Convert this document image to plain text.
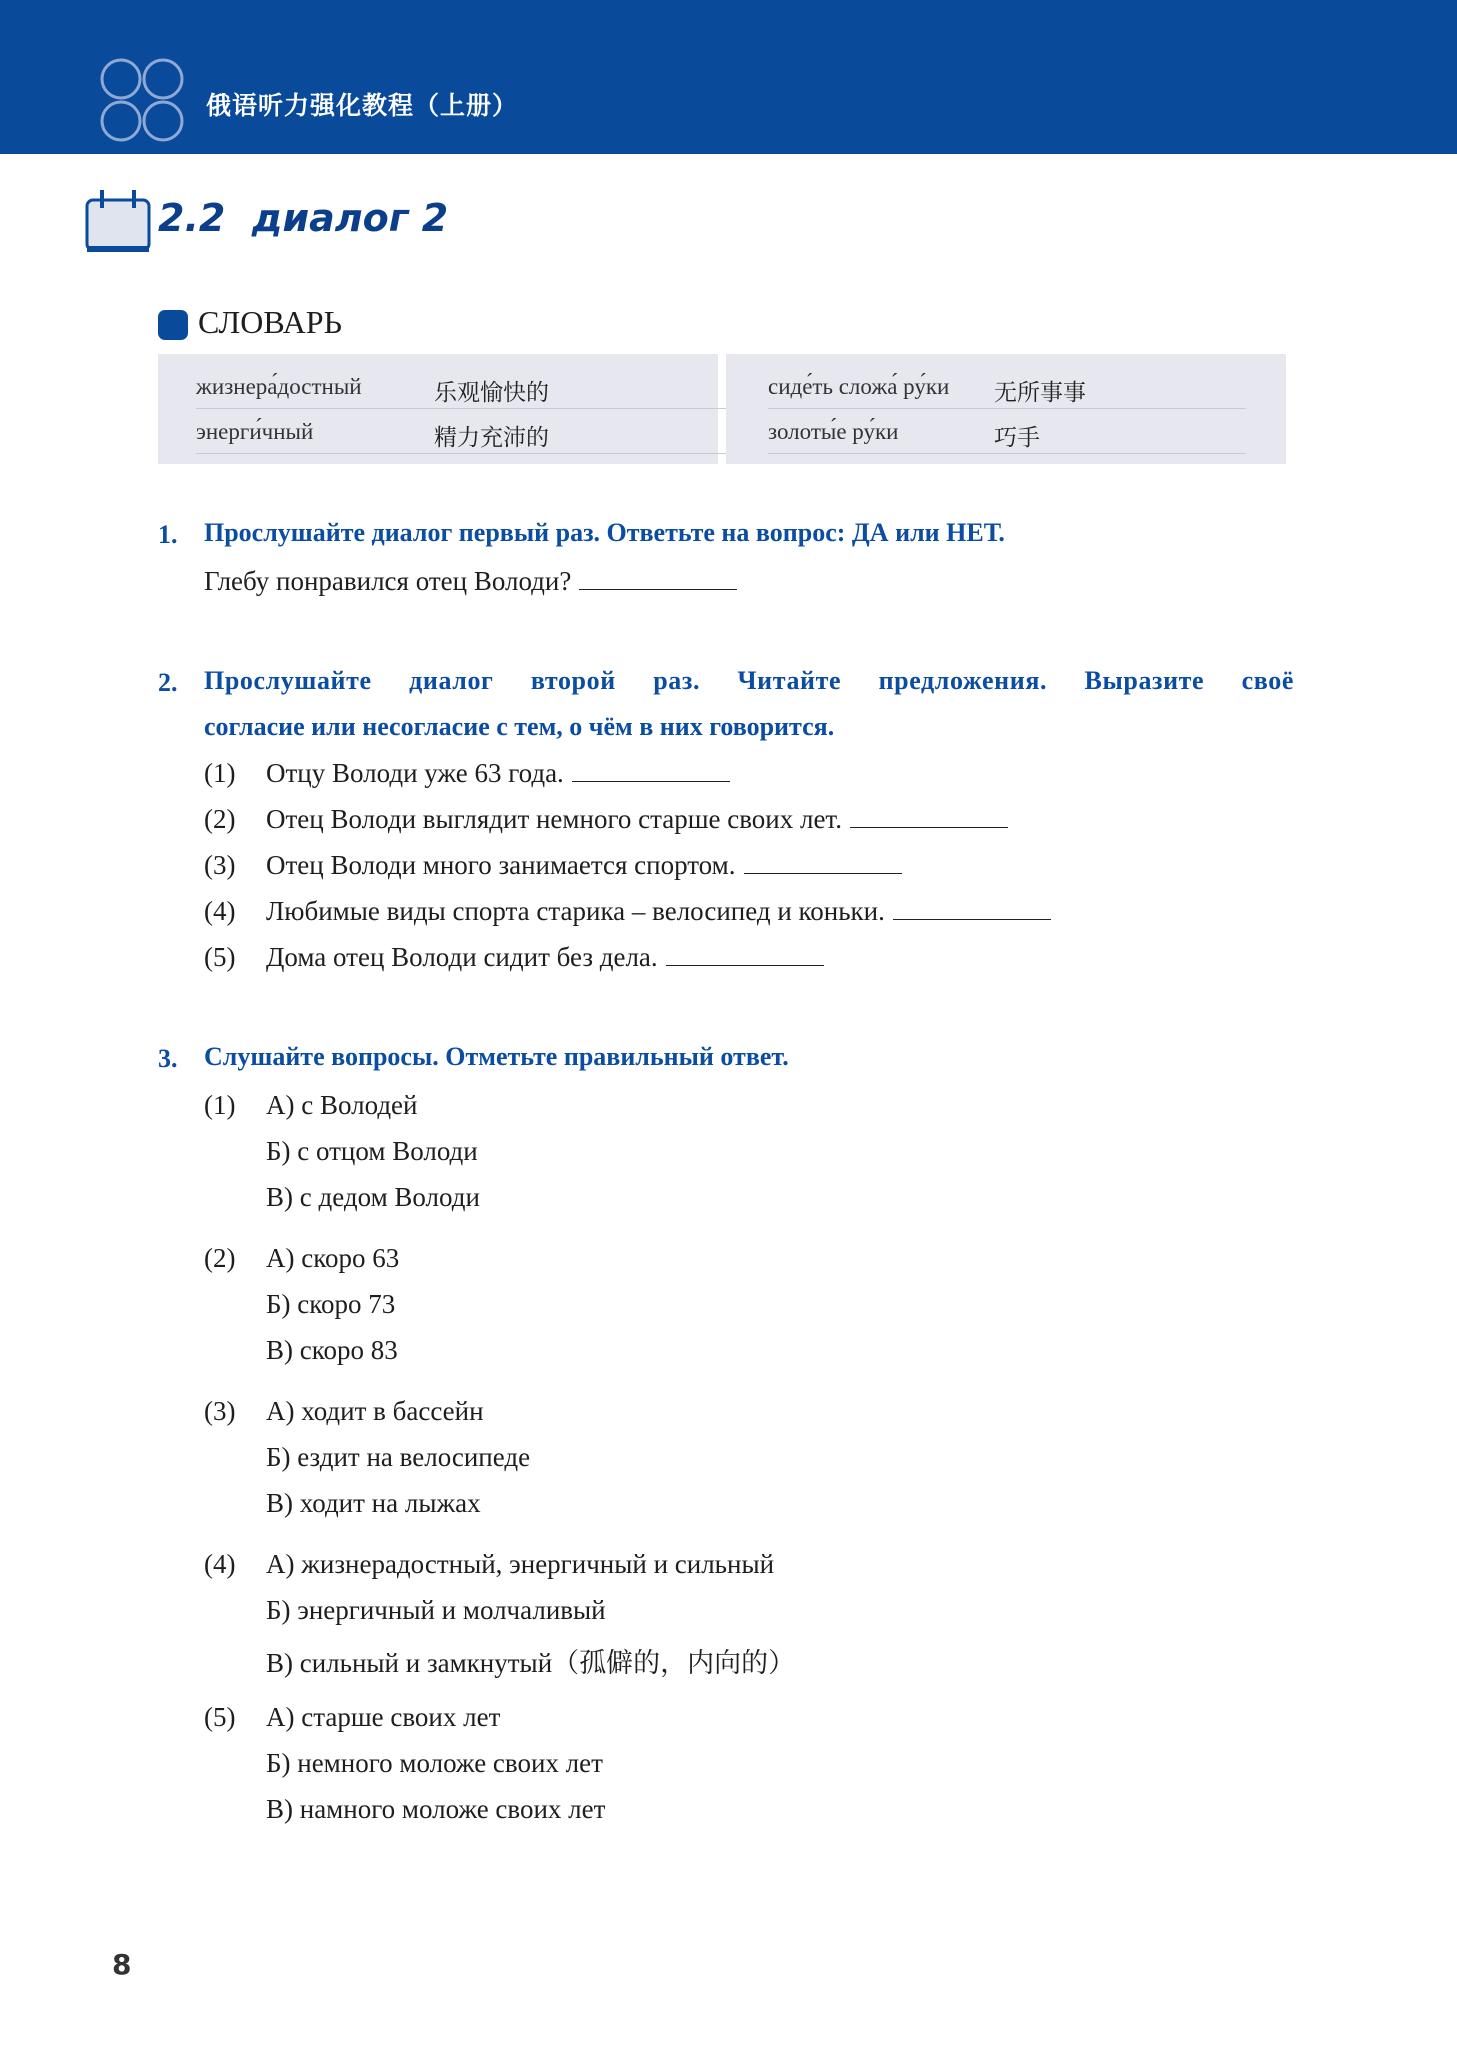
俄语听力强化教程（上册）
2.2 диалог 2
СЛОВАРЬ
жизнера́достный	乐观愉快的
энерги́чный	精力充沛的
сиде́ть сложа́ ру́ки 无所事事
золоты́е ру́ки	巧手
1. Прослушайте диалог первый раз. Ответьте на вопрос: ДА или НЕТ.
Глебу понравился отец Володи?
2. Прослушайте диалог второй раз. Читайте предложения. Выразите своё
согласие или несогласие с тем, о чём в них говорится.
(1) Отцу Володи уже 63 года.
(2) Отец Володи выглядит немного старше своих лет.
(3) Отец Володи много занимается спортом.
(4) Любимые виды спорта старика – велосипед и коньки.
(5) Дома отец Володи сидит без дела.
3. Слушайте вопросы. Отметьте правильный ответ.
(1) А) с Володей
Б) с отцом Володи
В) с дедом Володи
(2) А) скоро 63
Б) скоро 73
В) скоро 83
(3) А) ходит в бассейн
Б) ездит на велосипеде
В) ходит на лыжах
(4) А) жизнерадостный, энергичный и сильный
Б) энергичный и молчаливый
В) сильный и замкнутый（孤僻的，内向的）
(5) А) старше своих лет
Б) немного моложе своих лет
В) намного моложе своих лет
8
